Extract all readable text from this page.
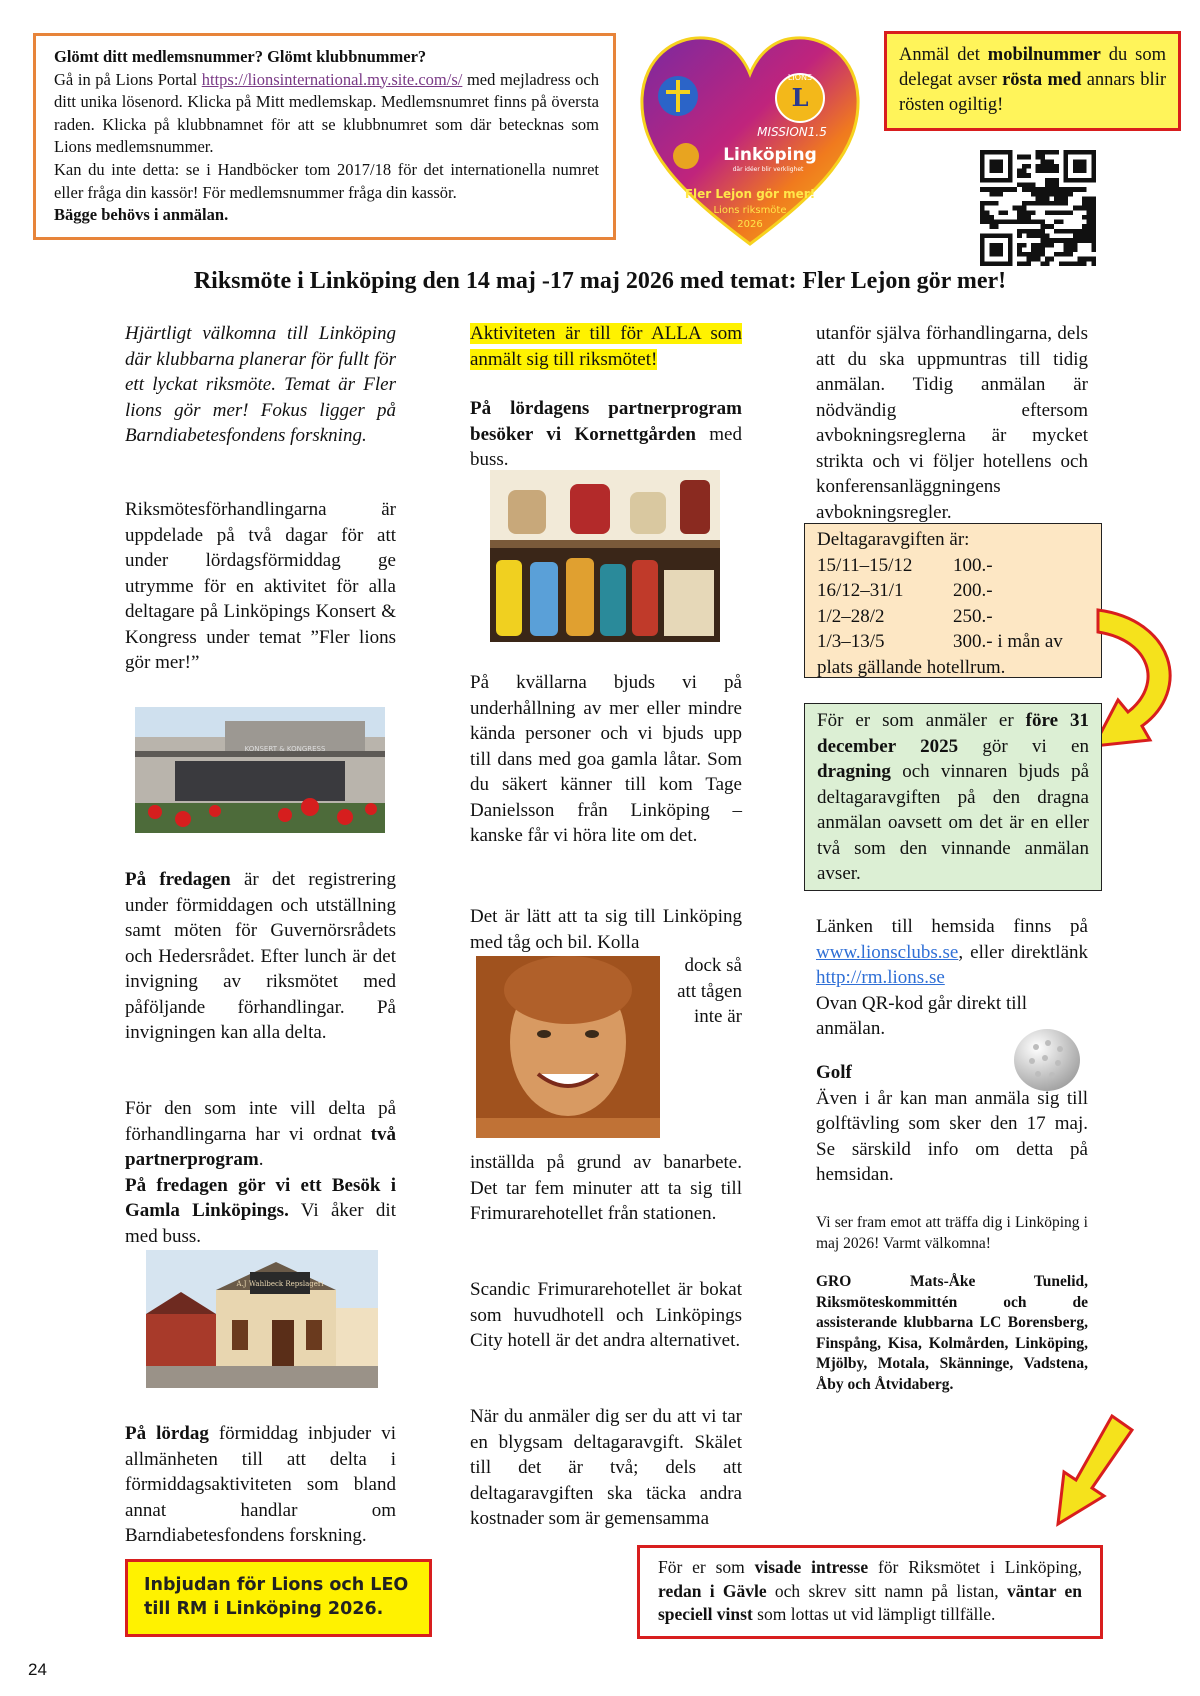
Glömt ditt medlemsnummer? Glömt klubbnummer?
Gå in på Lions Portal https://lionsinternational.my.site.com/s/ med mejladress och ditt unika lösenord. Klicka på Mitt medlemskap. Medlemsnumret finns på översta raden. Klicka på klubbnamnet för att se klubbnumret som där betecknas som Lions medlemsnummer.
Kan du inte detta: se i Handböcker tom 2017/18 för det internationella numret eller fråga din kassör! För medlemsnummer fråga din kassör.
Bägge behövs i anmälan.
L
LIONS
MISSION1.5
Linköping
där idéer blir verklighet
Fler Lejon gör mer!
Lions riksmöte
2026
Anmäl det mobilnummer du som delegat avser rösta med annars blir rösten ogiltig!
Riksmöte i Linköping den 14 maj -17 maj 2026 med temat: Fler Lejon gör mer!

Hjärtligt välkomna till Linköping där klubbarna planerar för fullt för ett lyckat riksmöte. Temat är Fler lions gör mer! Fokus ligger på Barndiabetesfondens forskning.

Riksmötesförhandlingarna är uppdelade på två dagar för att under lördagsförmiddag ge utrymme för en aktivitet för alla deltagare på Linköpings Konsert & Kongress under temat ”Fler lions gör mer!”

KONSERT & KONGRESS

På fredagen är det registrering under förmiddagen och utställning samt möten för Guvernörsrådets och Hedersrådet. Efter lunch är det invigning av riksmötet med påföljande förhandlingar. På invigningen kan alla delta.

För den som inte vill delta på förhandlingarna har vi ordnat två partnerprogram.

På fredagen gör vi ett Besök i Gamla Linköpings. Vi åker dit med buss.

A.J Wahlbeck Repslageri

På lördag förmiddag inbjuder vi allmänheten till att delta i förmiddagsaktiviteten som bland annat handlar om Barndiabetesfondens forskning.

Aktiviteten är till för ALLA som anmält sig till riksmötet!

På lördagens partnerprogram besöker vi Kornettgården med buss.

På kvällarna bjuds vi på underhållning av mer eller mindre kända personer och vi bjuds upp till dans med goa gamla låtar. Som du säkert känner till kom Tage Danielsson från Linköping – kanske får vi höra lite om det.

Det är lätt att ta sig till Linköping med tåg och bil. Kolla

dock så att tågen inte är

inställda på grund av banarbete. Det tar fem minuter att ta sig till Frimurarehotellet från stationen.

Scandic Frimurarehotellet är bokat som huvudhotell och Linköpings City hotell är det andra alternativet.

När du anmäler dig ser du att vi tar en blygsam deltagaravgift. Skälet till det är två; dels att deltagaravgiften ska täcka andra kostnader som är gemensamma

utanför själva förhandlingarna, dels att du ska uppmuntras till tidig anmälan. Tidig anmälan är nödvändig eftersom avbokningsreglerna är mycket strikta och vi följer hotellens och konferensanläggningens avbokningsregler.

Deltagaravgiften är:
15/11–15/12	100.-
16/12–31/1	200.-
1/2–28/2	250.-
1/3–13/5	300.- i mån av
plats gällande hotellrum.

För er som anmäler er före 31 december 2025 gör vi en dragning och vinnaren bjuds på deltagaravgiften på den dragna anmälan oavsett om det är en eller två som den vinnande anmälan avser.

Länken till hemsida finns på www.lionsclubs.se, eller direktlänk http://rm.lions.se

Ovan QR-kod går direkt till anmälan.

Golf

Även i år kan man anmäla sig till golftävling som sker den 17 maj. Se särskild info om detta på hemsidan.

Vi ser fram emot att träffa dig i Linköping i maj 2026! Varmt välkomna!

GRO Mats-Åke Tunelid, Riksmöteskommittén och de assisterande klubbarna LC Borensberg, Finspång, Kisa, Kolmården, Linköping, Mjölby, Motala, Skänninge, Vadstena, Åby och Åtvidaberg.

Inbjudan för Lions och LEO till RM i Linköping 2026.
För er som visade intresse för Riksmötet i Linköping, redan i Gävle och skrev sitt namn på listan, väntar en speciell vinst som lottas ut vid lämpligt tillfälle.
24
